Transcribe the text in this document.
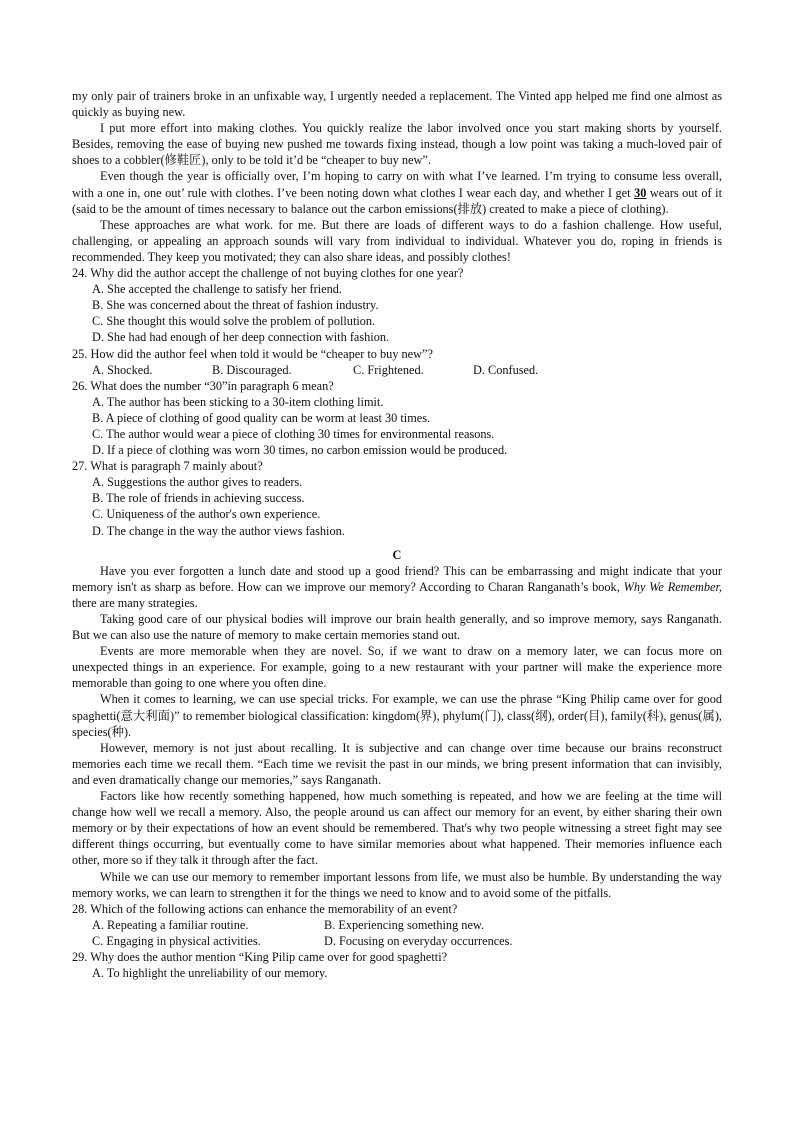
my only pair of trainers broke in an unfixable way, I urgently needed a replacement. The Vinted app helped me find one almost as quickly as buying new.

I put more effort into making clothes. You quickly realize the labor involved once you start making shorts by yourself. Besides, removing the ease of buying new pushed me towards fixing instead, though a low point was taking a much-loved pair of shoes to a cobbler(修鞋匠), only to be told it’d be “cheaper to buy new”.

Even though the year is officially over, I’m hoping to carry on with what I’ve learned. I’m trying to consume less overall, with a one in, one out’ rule with clothes. I’ve been noting down what clothes I wear each day, and whether I get 30 wears out of it (said to be the amount of times necessary to balance out the carbon emissions(排放) created to make a piece of clothing).

These approaches are what work. for me. But there are loads of different ways to do a fashion challenge. How useful, challenging, or appealing an approach sounds will vary from individual to individual. Whatever you do, roping in friends is recommended. They keep you motivated; they can also share ideas, and possibly clothes!

24. Why did the author accept the challenge of not buying clothes for one year?

A. She accepted the challenge to satisfy her friend.

B. She was concerned about the threat of fashion industry.

C. She thought this would solve the problem of pollution.

D. She had had enough of her deep connection with fashion.

25. How did the author feel when told it would be “cheaper to buy new”?

A. Shocked.	B. Discouraged.	C. Frightened.	D. Confused.

26. What does the number “30”in paragraph 6 mean?

A. The author has been sticking to a 30-item clothing limit.

B. A piece of clothing of good quality can be worm at least 30 times.

C. The author would wear a piece of clothing 30 times for environmental reasons.

D. If a piece of clothing was worn 30 times, no carbon emission would be produced.

27. What is paragraph 7 mainly about?

A. Suggestions the author gives to readers.

B. The role of friends in achieving success.

C. Uniqueness of the author's own experience.

D. The change in the way the author views fashion.

C

Have you ever forgotten a lunch date and stood up a good friend? This can be embarrassing and might indicate that your memory isn't as sharp as before. How can we improve our memory? According to Charan Ranganath’s book, Why We Remember, there are many strategies.

Taking good care of our physical bodies will improve our brain health generally, and so improve memory, says Ranganath. But we can also use the nature of memory to make certain memories stand out.

Events are more memorable when they are novel. So, if we want to draw on a memory later, we can focus more on unexpected things in an experience. For example, going to a new restaurant with your partner will make the experience more memorable than going to one where you often dine.

When it comes to learning, we can use special tricks. For example, we can use the phrase “King Philip came over for good spaghetti(意大利面)” to remember biological classification: kingdom(界), phylum(门), class(纲), order(目), family(科), genus(属), species(种).

However, memory is not just about recalling. It is subjective and can change over time because our brains reconstruct memories each time we recall them. “Each time we revisit the past in our minds, we bring present information that can invisibly, and even dramatically change our memories,” says Ranganath.

Factors like how recently something happened, how much something is repeated, and how we are feeling at the time will change how well we recall a memory. Also, the people around us can affect our memory for an event, by either sharing their own memory or by their expectations of how an event should be remembered. That's why two people witnessing a street fight may see different things occurring, but eventually come to have similar memories about what happened. Their memories influence each other, more so if they talk it through after the fact.

While we can use our memory to remember important lessons from life, we must also be humble. By understanding the way memory works, we can learn to strengthen it for the things we need to know and to avoid some of the pitfalls.

28. Which of the following actions can enhance the memorability of an event?

A. Repeating a familiar routine.	B. Experiencing something new.
C. Engaging in physical activities.	D. Focusing on everyday occurrences.

29. Why does the author mention “King Pilip came over for good spaghetti?

A. To highlight the unreliability of our memory.
